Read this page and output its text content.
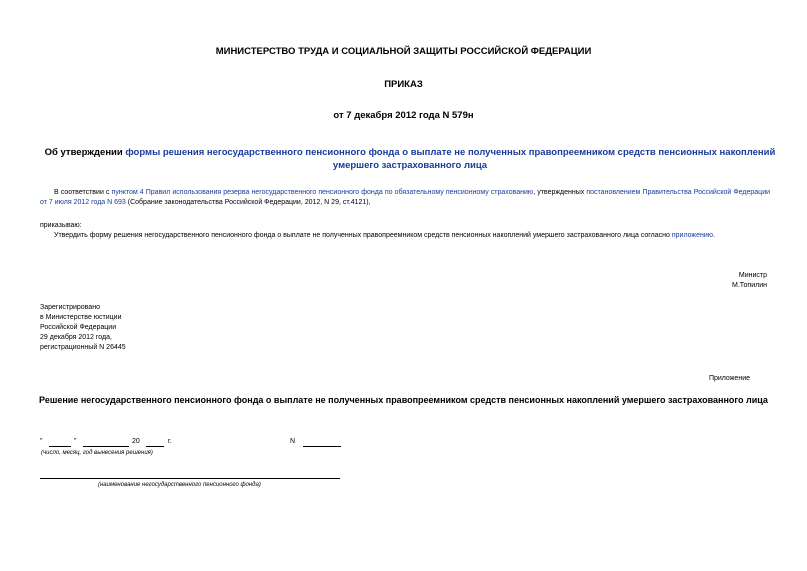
МИНИСТЕРСТВО ТРУДА И СОЦИАЛЬНОЙ ЗАЩИТЫ РОССИЙСКОЙ ФЕДЕРАЦИИ
ПРИКАЗ
от 7 декабря 2012 года N 579н
Об утверждении формы решения негосударственного пенсионного фонда о выплате не полученных правопреемником средств пенсионных накоплений умершего застрахованного лица
В соответствии с пунктом 4 Правил использования резерва негосударственного пенсионного фонда по обязательному пенсионному страхованию, утвержденных постановлением Правительства Российской Федерации от 7 июля 2012 года N 693 (Собрание законодательства Российской Федерации, 2012, N 29, ст.4121),
приказываю:
Утвердить форму решения негосударственного пенсионного фонда о выплате не полученных правопреемником средств пенсионных накоплений умершего застрахованного лица согласно приложению.
Министр
М.Топилин
Зарегистрировано
в Министерстве юстиции
Российской Федерации
29 декабря 2012 года,
регистрационный N 26445
Приложение
Решение негосударственного пенсионного фонда о выплате не полученных правопреемником средств пенсионных накоплений умершего застрахованного лица
"	"	20	г.	N
(число, месяц, год вынесения решения)
(наименование негосударственного пенсионного фонда)
